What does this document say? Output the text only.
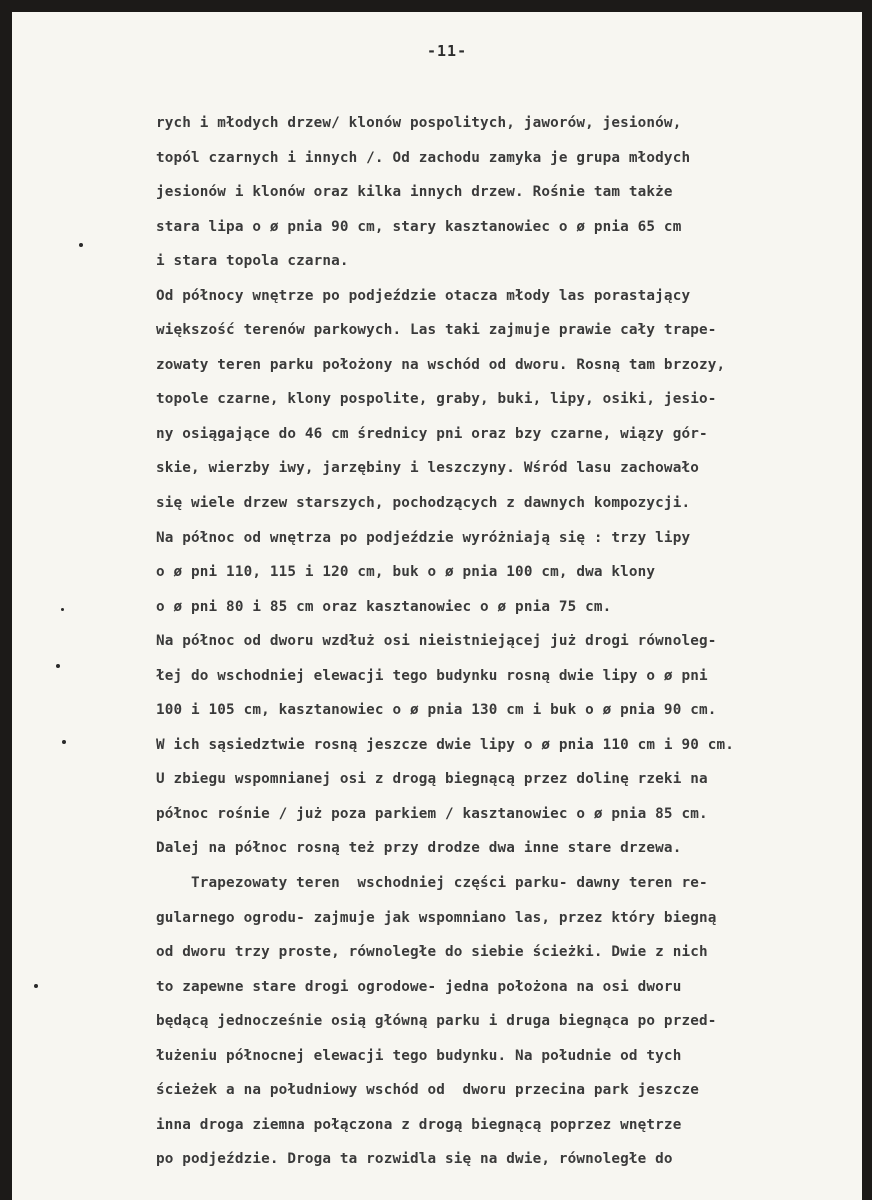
-11-
rych i młodych drzew/ klonów pospolitych, jaworów, jesionów,
topól czarnych i innych /. Od zachodu zamyka je grupa młodych
jesionów i klonów oraz kilka innych drzew. Rośnie tam także
stara lipa o ø pnia 90 cm, stary kasztanowiec o ø pnia 65 cm
i stara topola czarna.
Od północy wnętrze po podjeździe otacza młody las porastający
większość terenów parkowych. Las taki zajmuje prawie cały trape-
zowaty teren parku położony na wschód od dworu. Rosną tam brzozy,
topole czarne, klony pospolite, graby, buki, lipy, osiki, jesio-
ny osiągające do 46 cm średnicy pni oraz bzy czarne, wiązy gór-
skie, wierzby iwy, jarzębiny i leszczyny. Wśród lasu zachowało
się wiele drzew starszych, pochodzących z dawnych kompozycji.
Na północ od wnętrza po podjeździe wyróżniają się : trzy lipy
o ø pni 110, 115 i 120 cm, buk o ø pnia 100 cm, dwa klony
o ø pni 80 i 85 cm oraz kasztanowiec o ø pnia 75 cm.
Na północ od dworu wzdłuż osi nieistniejącej już drogi równoleg-
łej do wschodniej elewacji tego budynku rosną dwie lipy o ø pni
100 i 105 cm, kasztanowiec o ø pnia 130 cm i buk o ø pnia 90 cm.
W ich sąsiedztwie rosną jeszcze dwie lipy o ø pnia 110 cm i 90 cm.
U zbiegu wspomnianej osi z drogą biegnącą przez dolinę rzeki na
północ rośnie / już poza parkiem / kasztanowiec o ø pnia 85 cm.
Dalej na północ rosną też przy drodze dwa inne stare drzewa.
Trapezowaty teren  wschodniej części parku- dawny teren re-
gularnego ogrodu- zajmuje jak wspomniano las, przez który biegną
od dworu trzy proste, równoległe do siebie ścieżki. Dwie z nich
to zapewne stare drogi ogrodowe- jedna położona na osi dworu
będącą jednocześnie osią główną parku i druga biegnąca po przed-
łużeniu północnej elewacji tego budynku. Na południe od tych
ścieżek a na południowy wschód od  dworu przecina park jeszcze
inna droga ziemna połączona z drogą biegnącą poprzez wnętrze
po podjeździe. Droga ta rozwidla się na dwie, równoległe do
